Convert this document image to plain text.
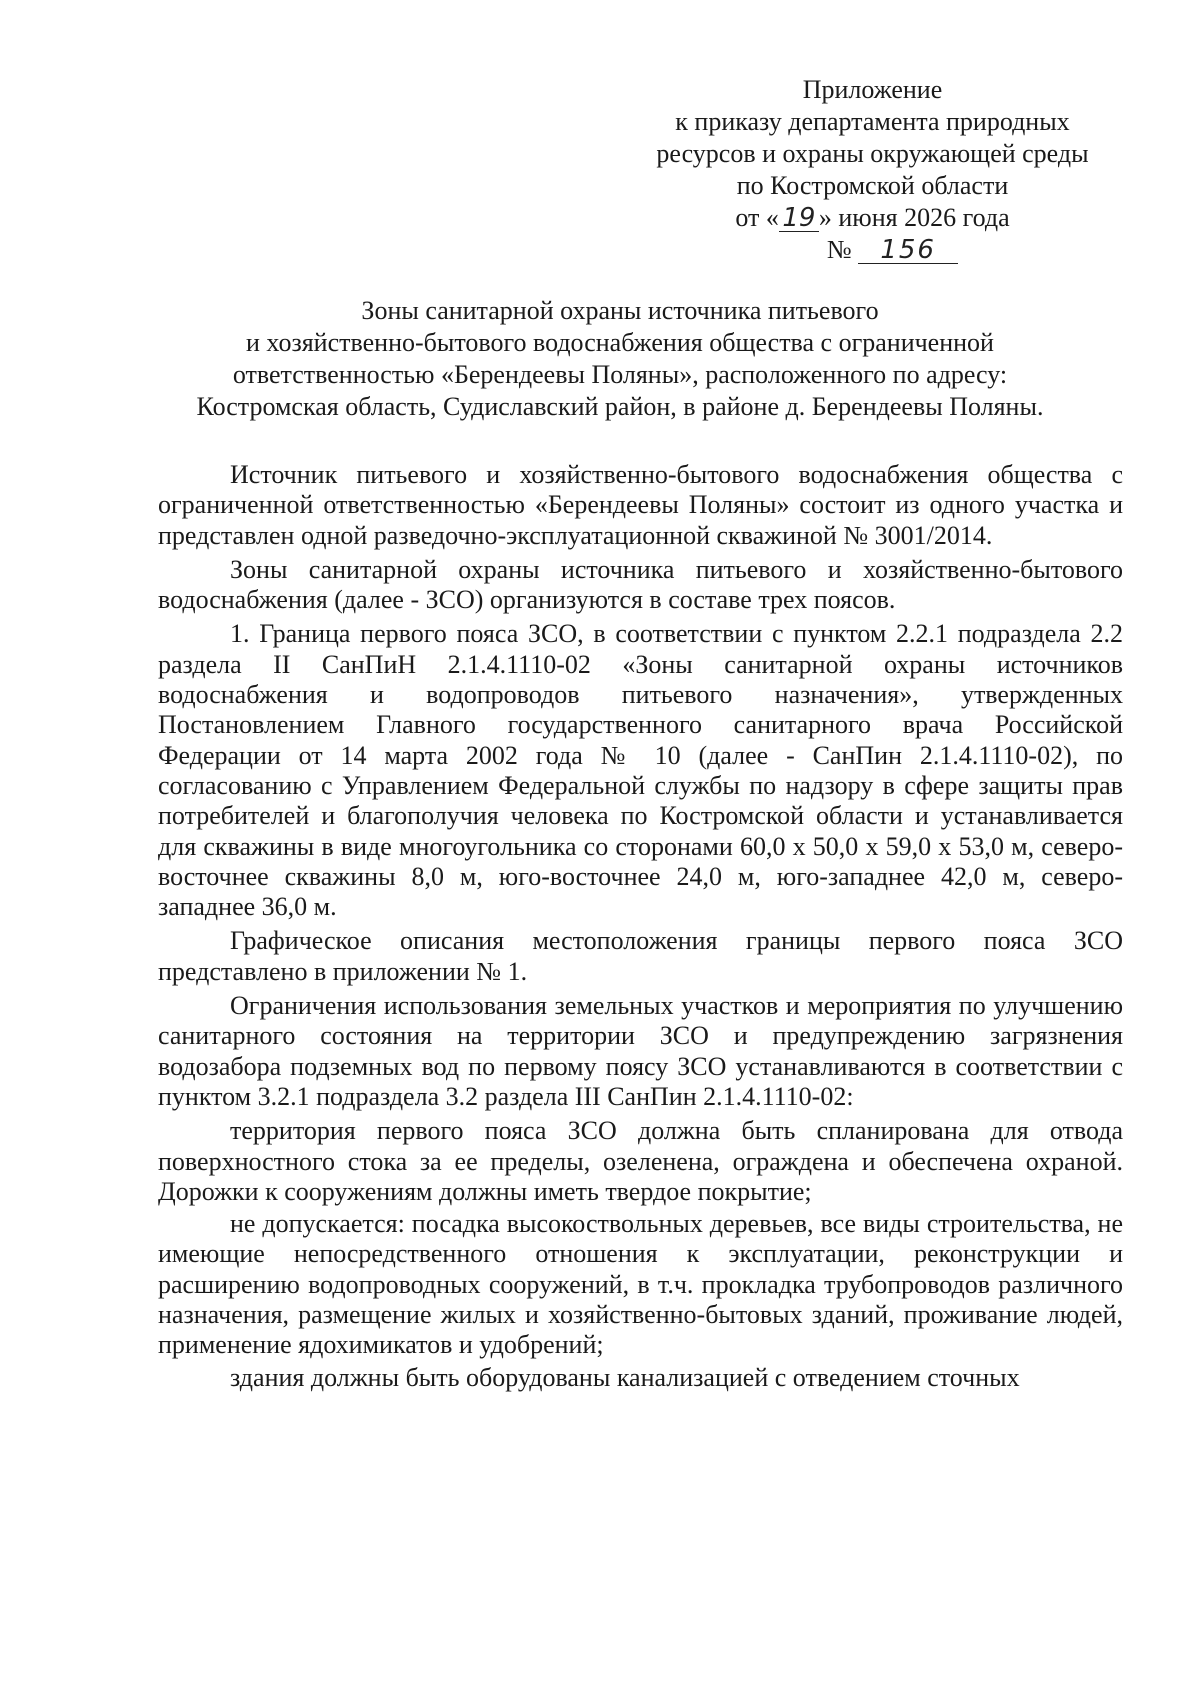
Приложение
к приказу департамента природных
ресурсов и охраны окружающей среды
по Костромской области
от « 19 » июня 2026 года
№ 156
Зоны санитарной охраны источника питьевого
и хозяйственно-бытового водоснабжения общества с ограниченной
ответственностью «Берендеевы Поляны», расположенного по адресу:
Костромская область, Судиславский район, в районе д. Берендеевы Поляны.

Источник питьевого и хозяйственно-бытового водоснабжения общества с ограниченной ответственностью «Берендеевы Поляны» состоит из одного участка и представлен одной разведочно-эксплуатационной скважиной № 3001/2014.

Зоны санитарной охраны источника питьевого и хозяйственно-бытового водоснабжения (далее - ЗСО) организуются в составе трех поясов.

1. Граница первого пояса ЗСО, в соответствии с пунктом 2.2.1 подраздела 2.2 раздела II СанПиН 2.1.4.1110-02 «Зоны санитарной охраны источников водоснабжения и водопроводов питьевого назначения», утвержденных Постановлением Главного государственного санитарного врача Российской Федерации от 14 марта 2002 года № 10 (далее - СанПин 2.1.4.1110-02), по согласованию с Управлением Федеральной службы по надзору в сфере защиты прав потребителей и благополучия человека по Костромской области и устанавливается для скважины в виде многоугольника со сторонами 60,0 x 50,0 x 59,0 x 53,0 м, северо-восточнее скважины 8,0 м, юго-восточнее 24,0 м, юго-западнее 42,0 м, северо-западнее 36,0 м.

Графическое описания местоположения границы первого пояса ЗСО представлено в приложении № 1.

Ограничения использования земельных участков и мероприятия по улучшению санитарного состояния на территории ЗСО и предупреждению загрязнения водозабора подземных вод по первому поясу ЗСО устанавливаются в соответствии с пунктом 3.2.1 подраздела 3.2 раздела III СанПин 2.1.4.1110-02:

территория первого пояса ЗСО должна быть спланирована для отвода поверхностного стока за ее пределы, озеленена, ограждена и обеспечена охраной. Дорожки к сооружениям должны иметь твердое покрытие;

не допускается: посадка высокоствольных деревьев, все виды строительства, не имеющие непосредственного отношения к эксплуатации, реконструкции и расширению водопроводных сооружений, в т.ч. прокладка трубопроводов различного назначения, размещение жилых и хозяйственно-бытовых зданий, проживание людей, применение ядохимикатов и удобрений;

здания должны быть оборудованы канализацией с отведением сточных
